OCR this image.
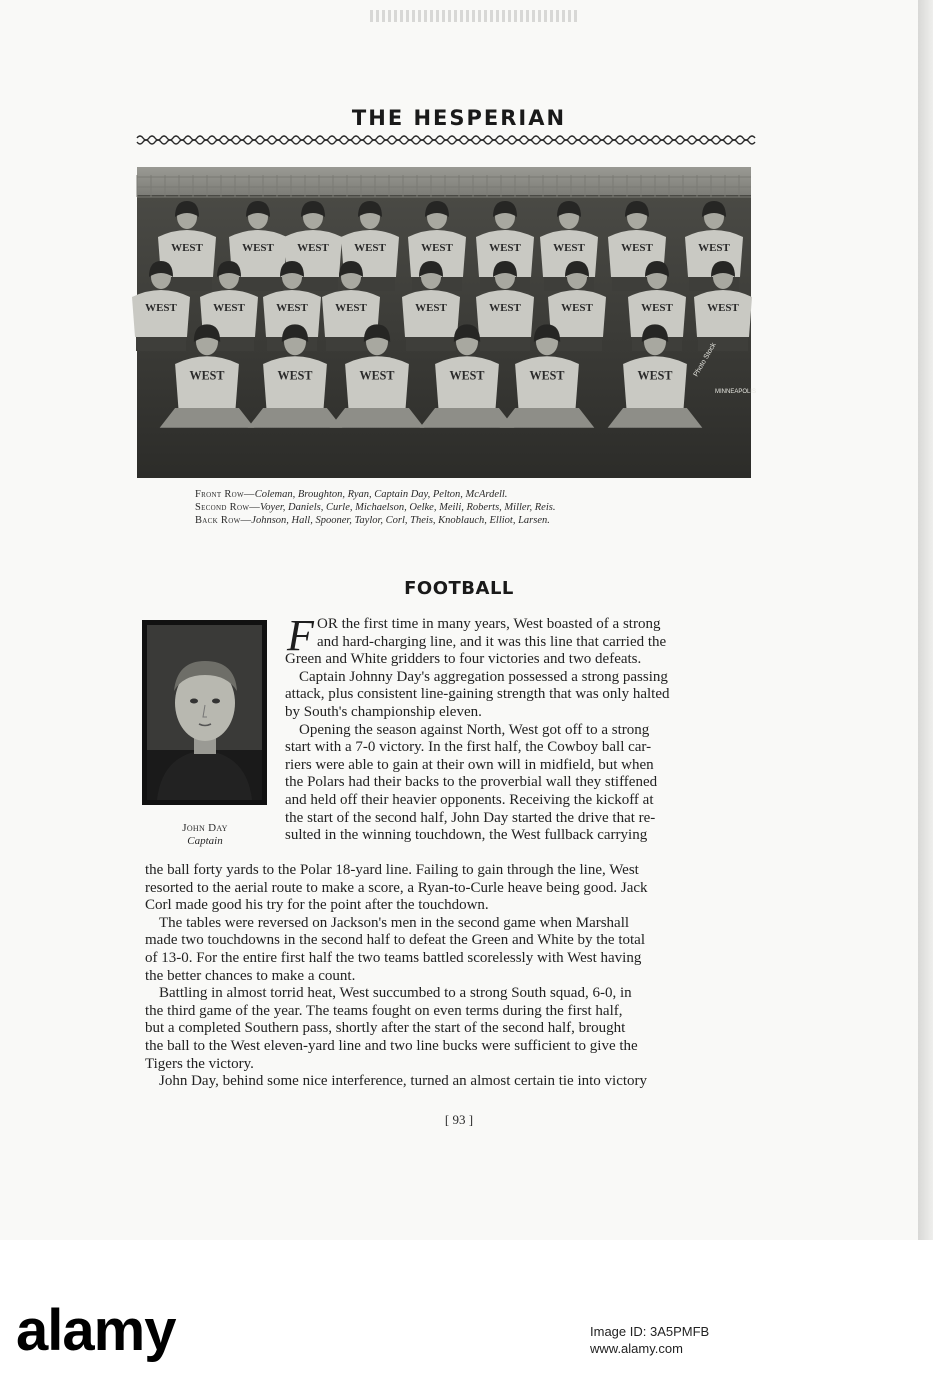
THE HESPERIAN
WEST	WEST WEST WEST	WEST	WEST	WEST	WEST	WEST
WEST	WEST	WEST WEST	WEST	WEST	WEST	WEST	WEST
WEST	WEST	WEST	WEST	WEST	WEST	Photo Stock
MINNEAPOLIS
Front Row—Coleman, Broughton, Ryan, Captain Day, Pelton, McArdell.
Second Row—Voyer, Daniels, Curle, Michaelson, Oelke, Meili, Roberts, Miller, Reis.
Back Row—Johnson, Hall, Spooner, Taylor, Corl, Theis, Knoblauch, Elliot, Larsen.
FOOTBALL
John Day
Captain
F OR the first time in many years, West boasted of a strong

and hard-charging line, and it was this line that carried the

Green and White gridders to four victories and two defeats.

Captain Johnny Day's aggregation possessed a strong passing

attack, plus consistent line-gaining strength that was only halted

by South's championship eleven.

Opening the season against North, West got off to a strong

start with a 7-0 victory. In the first half, the Cowboy ball car-

riers were able to gain at their own will in midfield, but when

the Polars had their backs to the proverbial wall they stiffened

and held off their heavier opponents. Receiving the kickoff at

the start of the second half, John Day started the drive that re-

sulted in the winning touchdown, the West fullback carrying

the ball forty yards to the Polar 18-yard line. Failing to gain through the line, West

resorted to the aerial route to make a score, a Ryan-to-Curle heave being good. Jack

Corl made good his try for the point after the touchdown.

The tables were reversed on Jackson's men in the second game when Marshall

made two touchdowns in the second half to defeat the Green and White by the total

of 13-0. For the entire first half the two teams battled scorelessly with West having

the better chances to make a count.

Battling in almost torrid heat, West succumbed to a strong South squad, 6-0, in

the third game of the year. The teams fought on even terms during the first half,

but a completed Southern pass, shortly after the start of the second half, brought

the ball to the West eleven-yard line and two line bucks were sufficient to give the

Tigers the victory.

John Day, behind some nice interference, turned an almost certain tie into victory

[ 93 ]
alamy	Image ID: 3A5PMFB
www.alamy.com
